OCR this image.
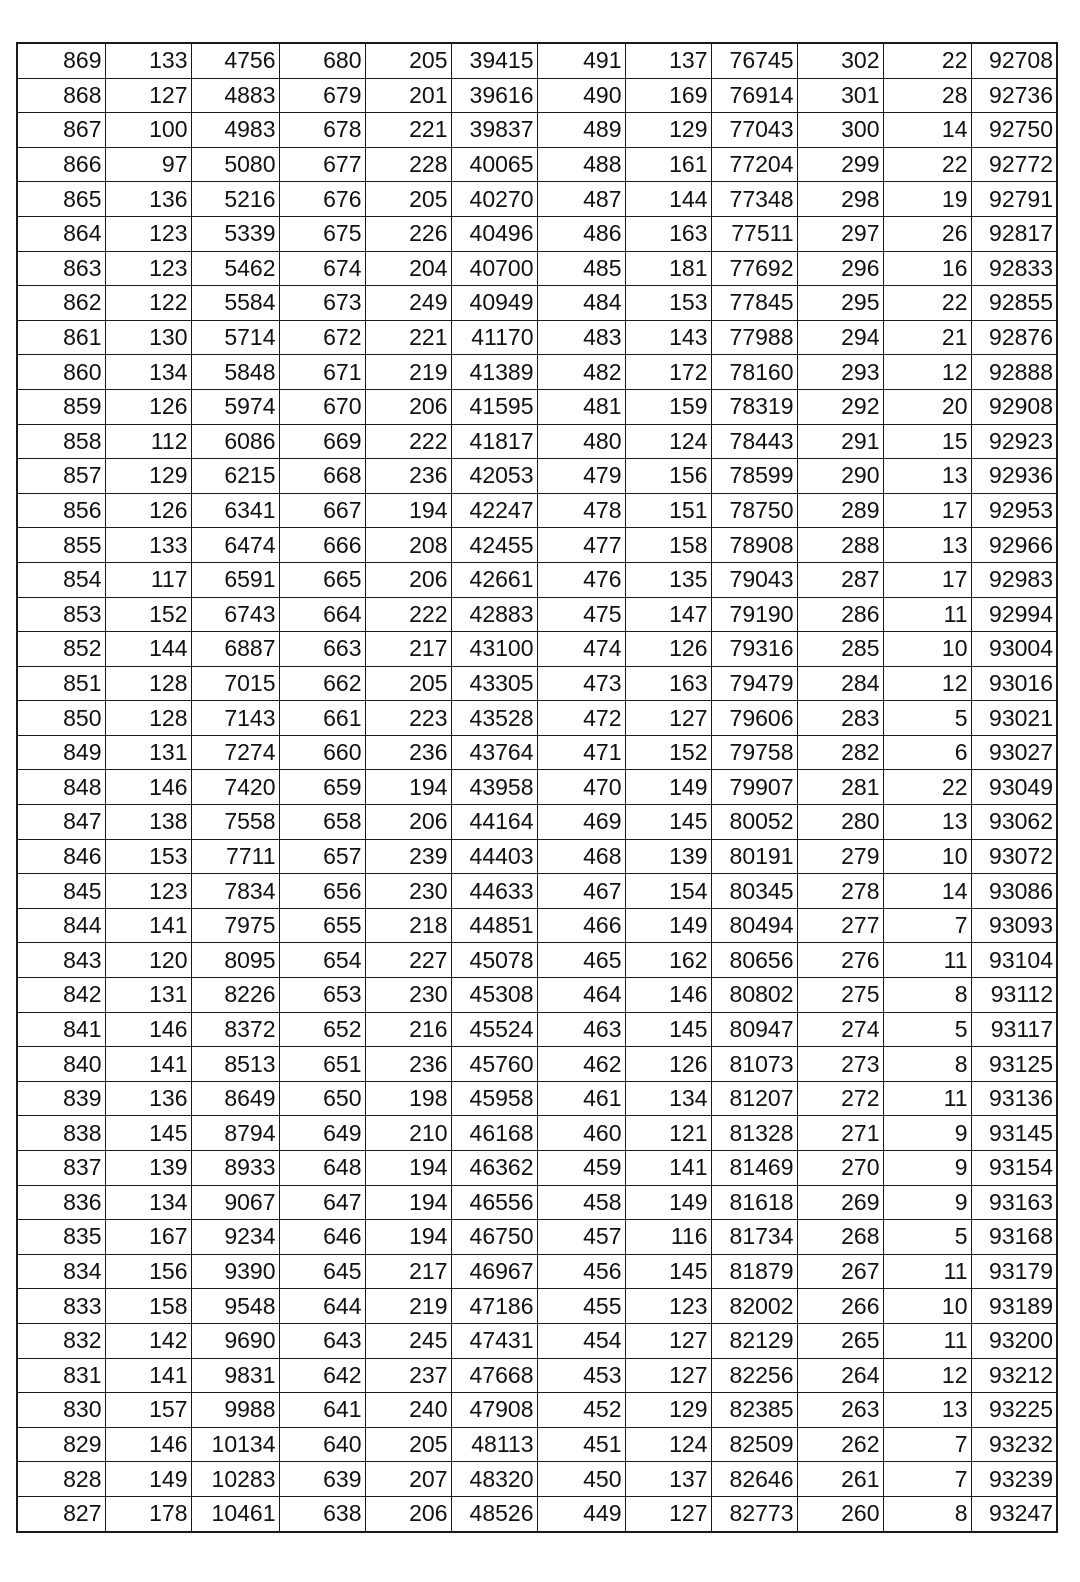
869	133	4756	680	205	39415	491	137	76745	302	22	92708
868	127	4883	679	201	39616	490	169	76914	301	28	92736
867	100	4983	678	221	39837	489	129	77043	300	14	92750
866	97	5080	677	228	40065	488	161	77204	299	22	92772
865	136	5216	676	205	40270	487	144	77348	298	19	92791
864	123	5339	675	226	40496	486	163	77511	297	26	92817
863	123	5462	674	204	40700	485	181	77692	296	16	92833
862	122	5584	673	249	40949	484	153	77845	295	22	92855
861	130	5714	672	221	41170	483	143	77988	294	21	92876
860	134	5848	671	219	41389	482	172	78160	293	12	92888
859	126	5974	670	206	41595	481	159	78319	292	20	92908
858	112	6086	669	222	41817	480	124	78443	291	15	92923
857	129	6215	668	236	42053	479	156	78599	290	13	92936
856	126	6341	667	194	42247	478	151	78750	289	17	92953
855	133	6474	666	208	42455	477	158	78908	288	13	92966
854	117	6591	665	206	42661	476	135	79043	287	17	92983
853	152	6743	664	222	42883	475	147	79190	286	11	92994
852	144	6887	663	217	43100	474	126	79316	285	10	93004
851	128	7015	662	205	43305	473	163	79479	284	12	93016
850	128	7143	661	223	43528	472	127	79606	283	5	93021
849	131	7274	660	236	43764	471	152	79758	282	6	93027
848	146	7420	659	194	43958	470	149	79907	281	22	93049
847	138	7558	658	206	44164	469	145	80052	280	13	93062
846	153	7711	657	239	44403	468	139	80191	279	10	93072
845	123	7834	656	230	44633	467	154	80345	278	14	93086
844	141	7975	655	218	44851	466	149	80494	277	7	93093
843	120	8095	654	227	45078	465	162	80656	276	11	93104
842	131	8226	653	230	45308	464	146	80802	275	8	93112
841	146	8372	652	216	45524	463	145	80947	274	5	93117
840	141	8513	651	236	45760	462	126	81073	273	8	93125
839	136	8649	650	198	45958	461	134	81207	272	11	93136
838	145	8794	649	210	46168	460	121	81328	271	9	93145
837	139	8933	648	194	46362	459	141	81469	270	9	93154
836	134	9067	647	194	46556	458	149	81618	269	9	93163
835	167	9234	646	194	46750	457	116	81734	268	5	93168
834	156	9390	645	217	46967	456	145	81879	267	11	93179
833	158	9548	644	219	47186	455	123	82002	266	10	93189
832	142	9690	643	245	47431	454	127	82129	265	11	93200
831	141	9831	642	237	47668	453	127	82256	264	12	93212
830	157	9988	641	240	47908	452	129	82385	263	13	93225
829	146	10134	640	205	48113	451	124	82509	262	7	93232
828	149	10283	639	207	48320	450	137	82646	261	7	93239
827	178	10461	638	206	48526	449	127	82773	260	8	93247
